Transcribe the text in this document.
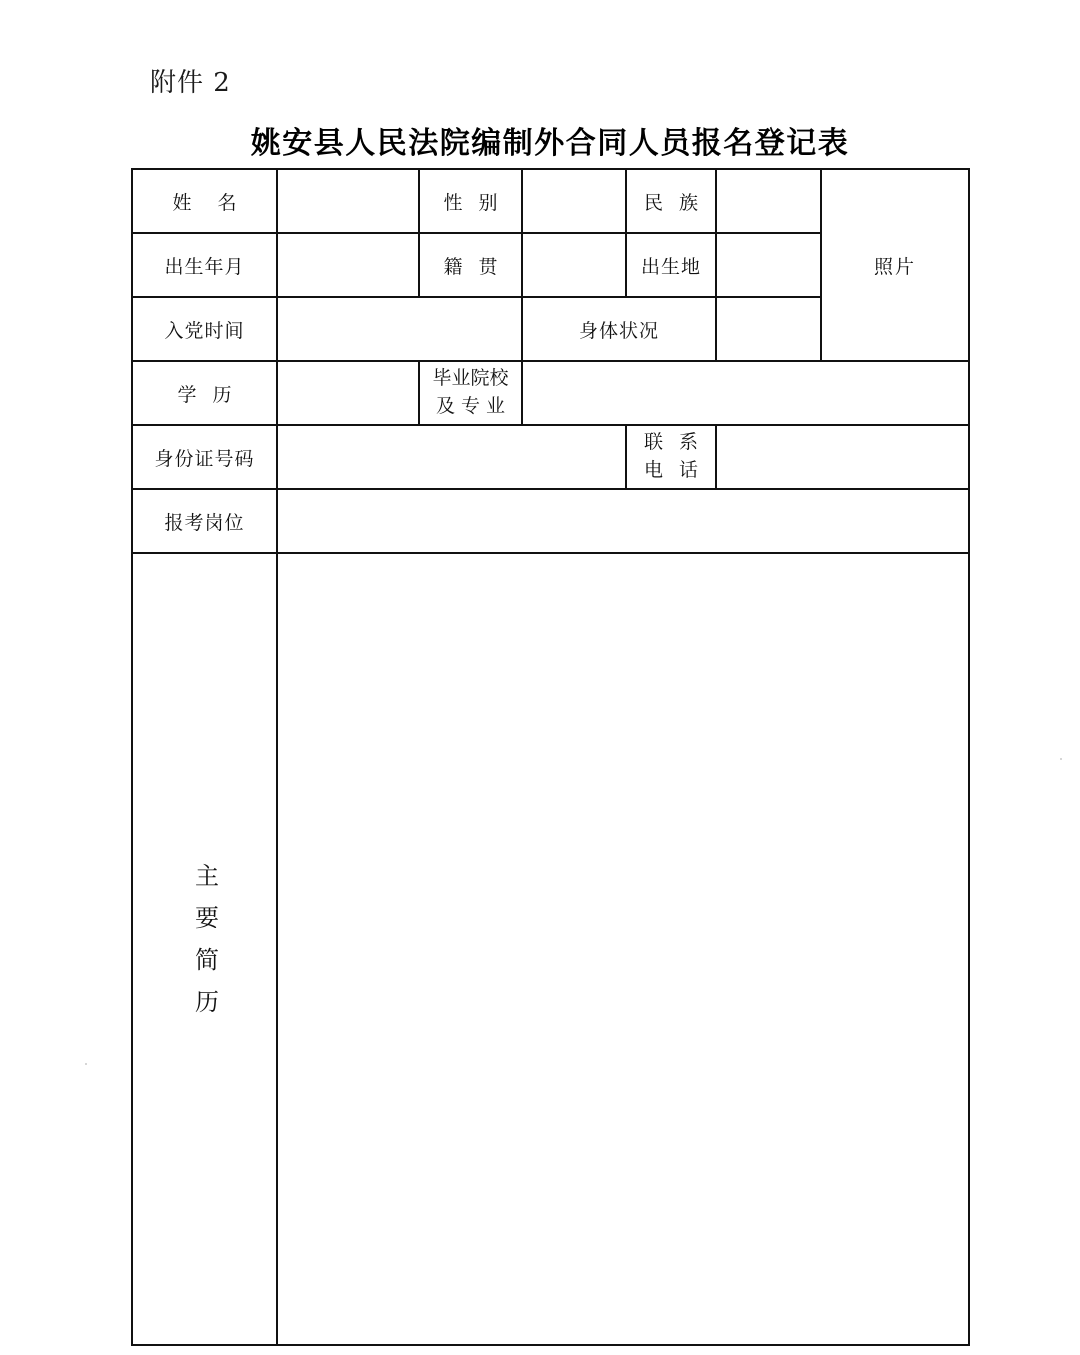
附件 2
姚安县人民法院编制外合同人员报名登记表
姓 名		性 别		民 族		照片
出生年月		籍 贯		出生地		
入党时间			身体状况			
学 历		毕业院校
及 专 业				

身份证号码				联 系
电 话		

报考岗位						
主要简历						
